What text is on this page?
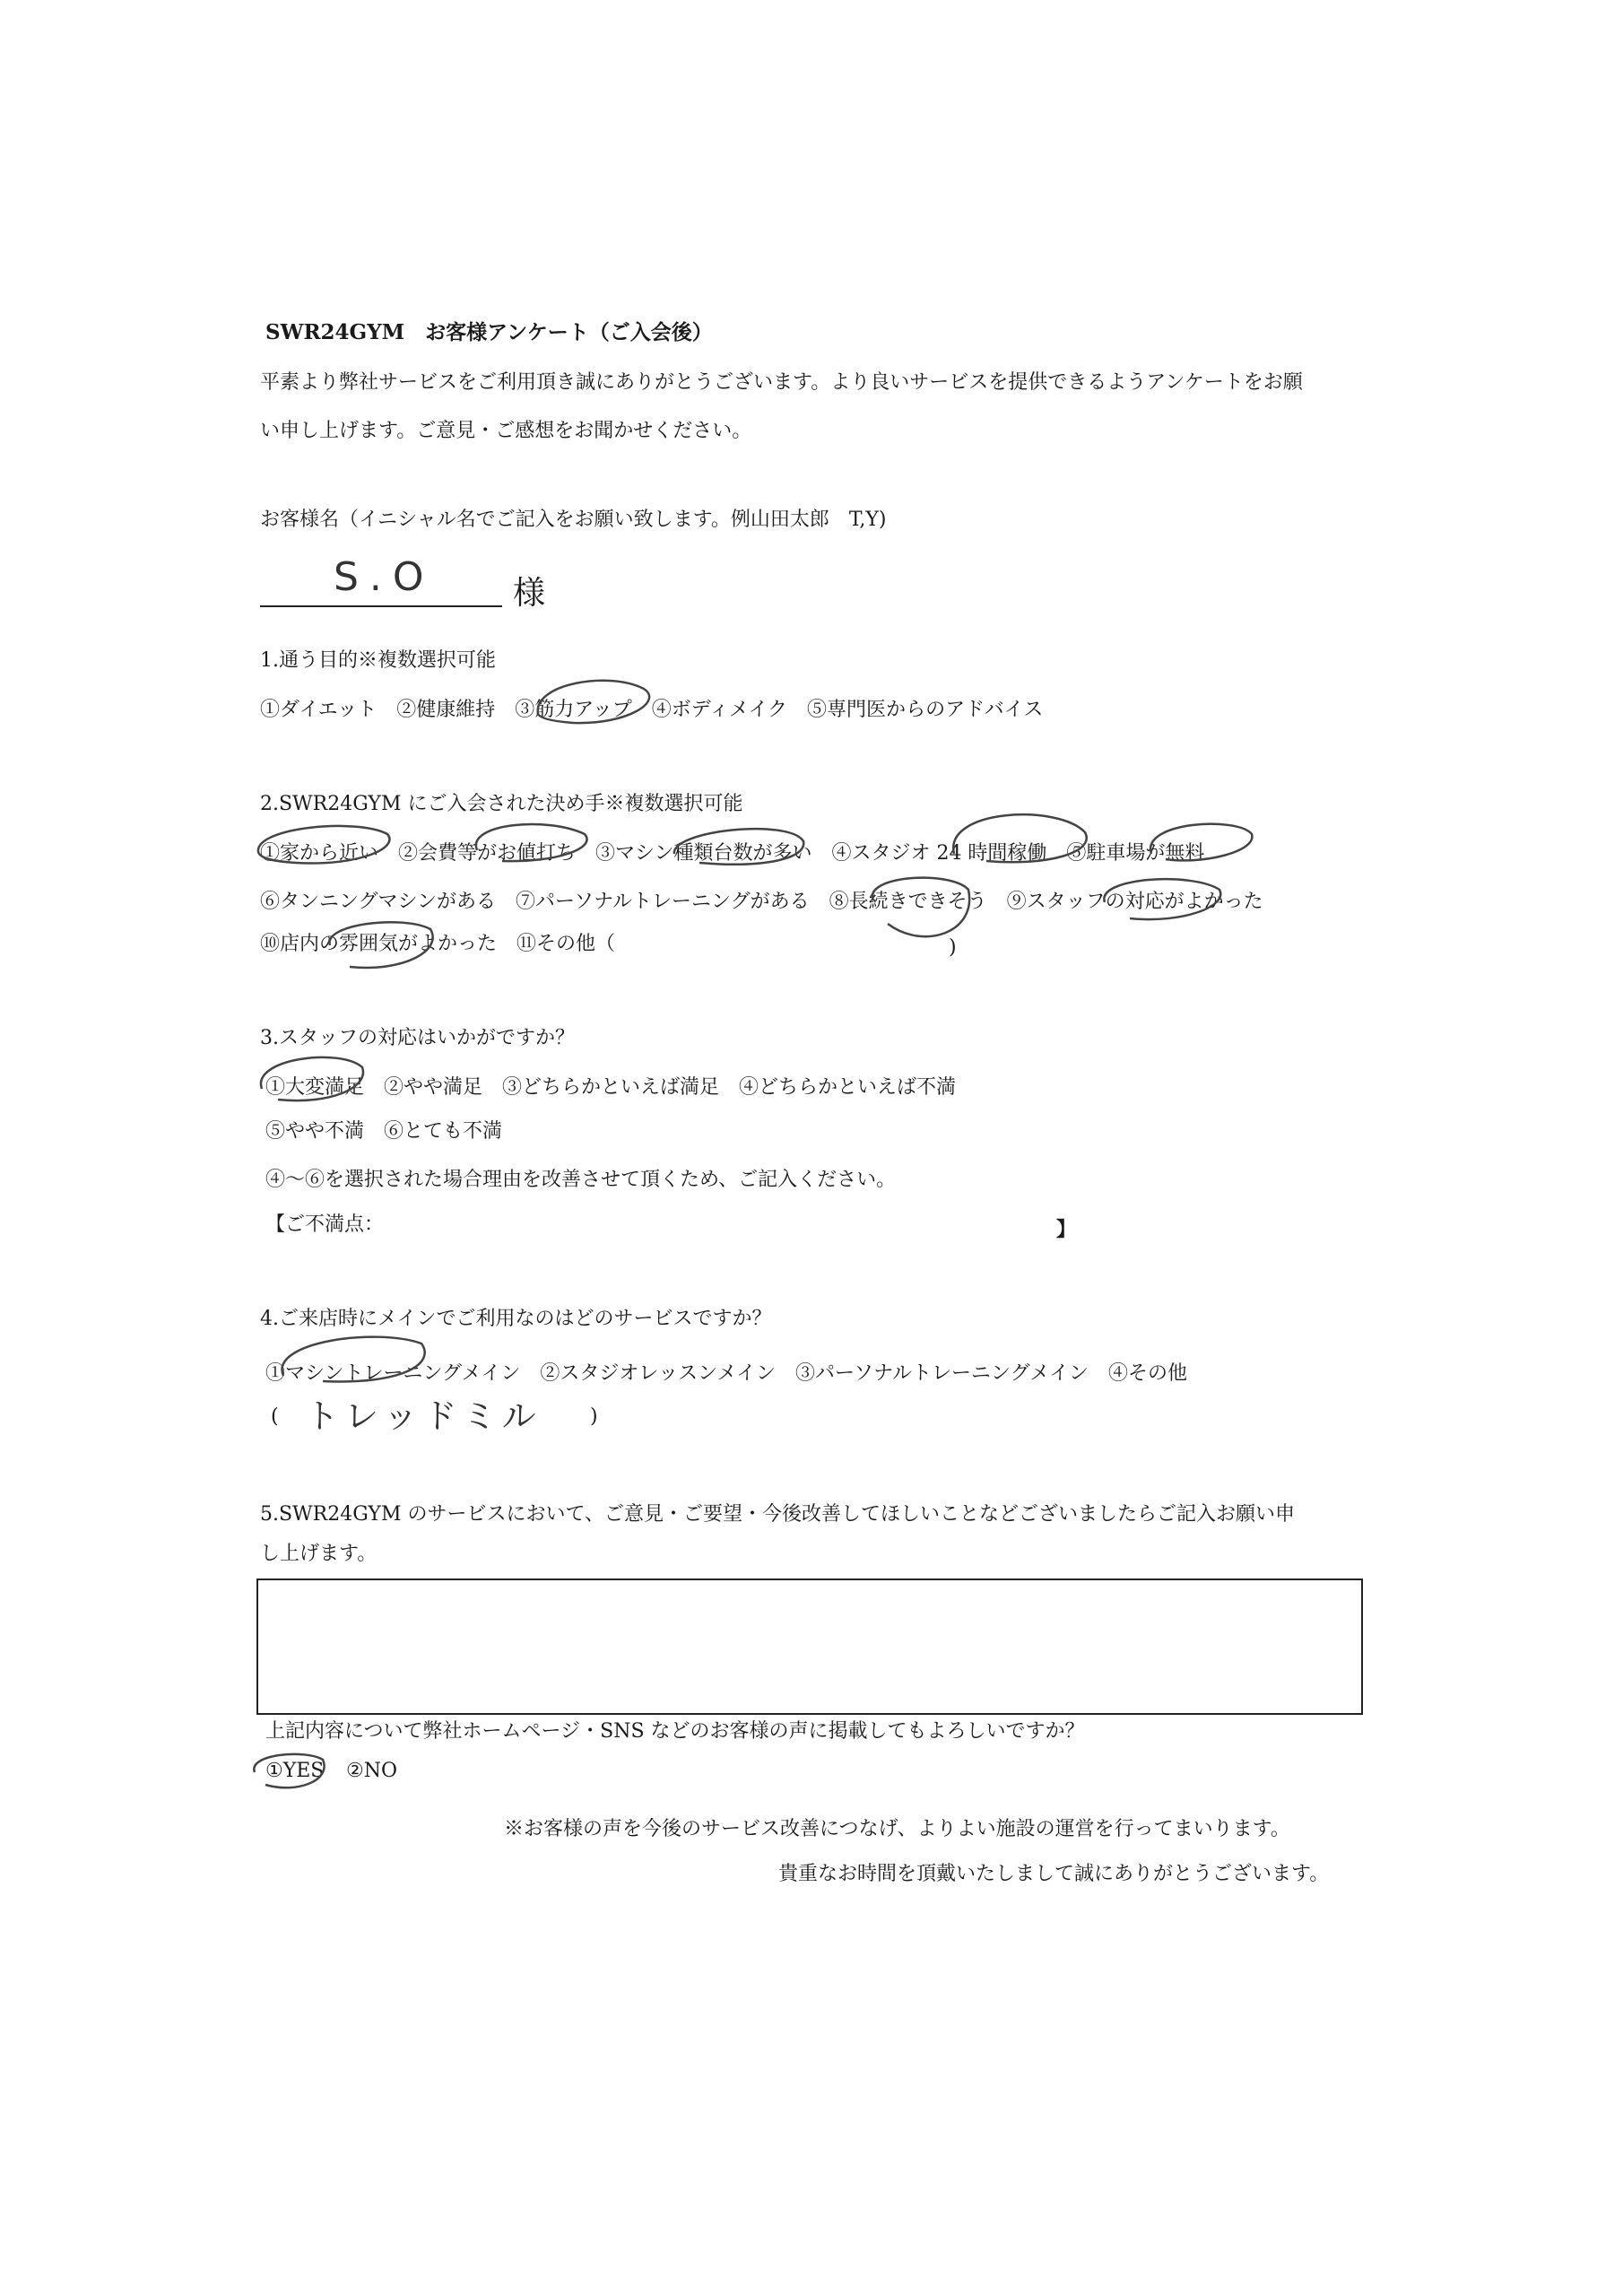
SWR24GYM　お客様アンケート（ご入会後）
平素より弊社サービスをご利用頂き誠にありがとうございます。より良いサービスを提供できるようアンケートをお願
い申し上げます。ご意見・ご感想をお聞かせください。
お客様名（イニシャル名でご記入をお願い致します。例山田太郎　T,Y)
S.O 様
1.通う目的※複数選択可能
①ダイエット　②健康維持　③筋力アップ　④ボディメイク　⑤専門医からのアドバイス
2.SWR24GYM にご入会された決め手※複数選択可能
①家から近い　②会費等がお値打ち　③マシン種類台数が多い　④スタジオ 24 時間稼働　⑤駐車場が無料
⑥タンニングマシンがある　⑦パーソナルトレーニングがある　⑧長続きできそう　⑨スタッフの対応がよかった
⑩店内の雰囲気がよかった　⑪その他（	)
3.スタッフの対応はいかがですか？
①大変満足　②やや満足　③どちらかといえば満足　④どちらかといえば不満
⑤やや不満　⑥とても不満
④～⑥を選択された場合理由を改善させて頂くため、ご記入ください。
【ご不満点：	】
4.ご来店時にメインでご利用なのはどのサービスですか？
①マシントレーニングメイン　②スタジオレッスンメイン　③パーソナルトレーニングメイン　④その他
( トレッドミル )
5.SWR24GYM のサービスにおいて、ご意見・ご要望・今後改善してほしいことなどございましたらご記入お願い申
し上げます。
上記内容について弊社ホームページ・SNS などのお客様の声に掲載してもよろしいですか？
①YES ②NO
※お客様の声を今後のサービス改善につなげ、よりよい施設の運営を行ってまいります。
貴重なお時間を頂戴いたしまして誠にありがとうございます。
